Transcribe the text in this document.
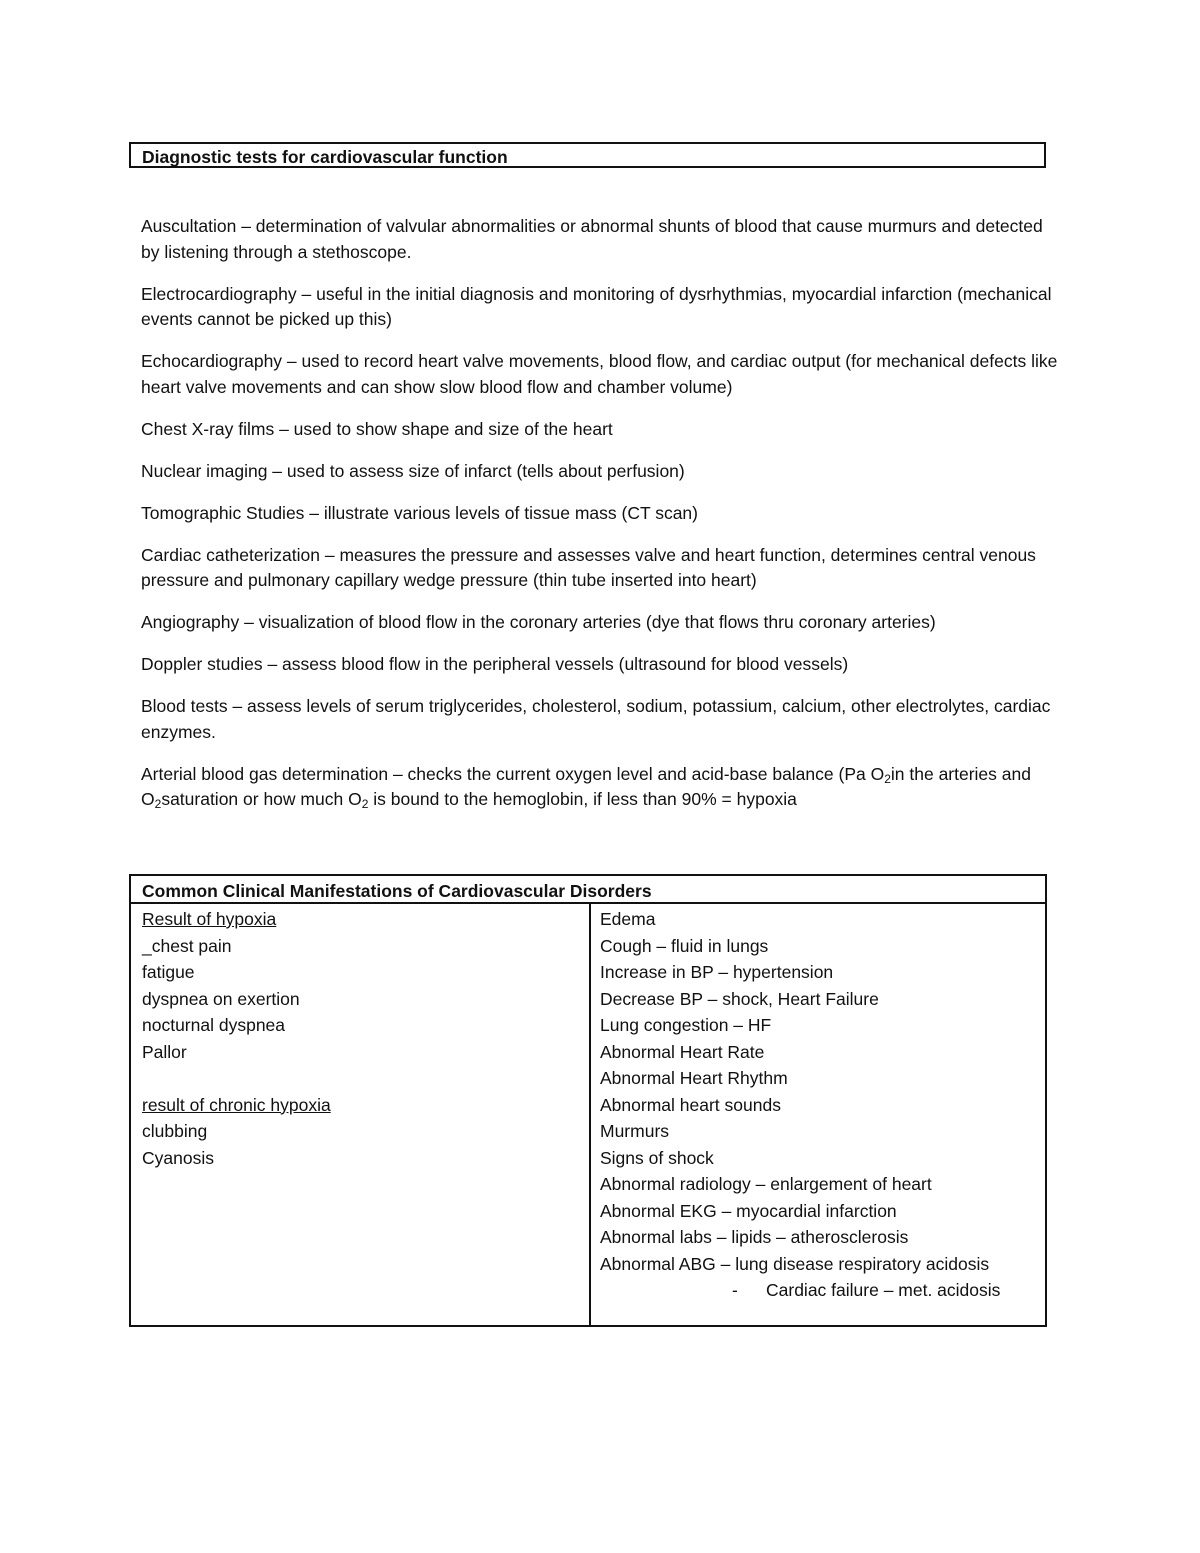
Diagnostic tests for cardiovascular function

Auscultation – determination of valvular abnormalities or abnormal shunts of blood that cause murmurs and detected by listening through a stethoscope.

Electrocardiography – useful in the initial diagnosis and monitoring of dysrhythmias, myocardial infarction (mechanical events cannot be picked up this)

Echocardiography – used to record heart valve movements, blood flow, and cardiac output (for mechanical defects like heart valve movements and can show slow blood flow and chamber volume)

Chest X-ray films – used to show shape and size of the heart

Nuclear imaging – used to assess size of infarct (tells about perfusion)

Tomographic Studies – illustrate various levels of tissue mass (CT scan)

Cardiac catheterization – measures the pressure and assesses valve and heart function, determines central venous pressure and pulmonary capillary wedge pressure (thin tube inserted into heart)

Angiography – visualization of blood flow in the coronary arteries (dye that flows thru coronary arteries)

Doppler studies – assess blood flow in the peripheral vessels (ultrasound for blood vessels)

Blood tests – assess levels of serum triglycerides, cholesterol, sodium, potassium, calcium, other electrolytes, cardiac enzymes.

Arterial blood gas determination – checks the current oxygen level and acid-base balance (Pa $O_2in$ the arteries and $O_2saturation$ or how much $O_2$ is bound to the hemoglobin, if less than 90% = hypoxia

Common Clinical Manifestations of Cardiovascular Disorders
Result of hypoxia
_chest pain
fatigue
dyspnea on exertion
nocturnal dyspnea
Pallor
result of chronic hypoxia
clubbing
Cyanosis
Edema
Cough – fluid in lungs
Increase in BP – hypertension
Decrease BP – shock, Heart Failure
Lung congestion – HF
Abnormal Heart Rate
Abnormal Heart Rhythm
Abnormal heart sounds
Murmurs
Signs of shock
Abnormal radiology – enlargement of heart
Abnormal EKG – myocardial infarction
Abnormal labs – lipids – atherosclerosis
Abnormal ABG – lung disease respiratory acidosis
- Cardiac failure – met. acidosis
